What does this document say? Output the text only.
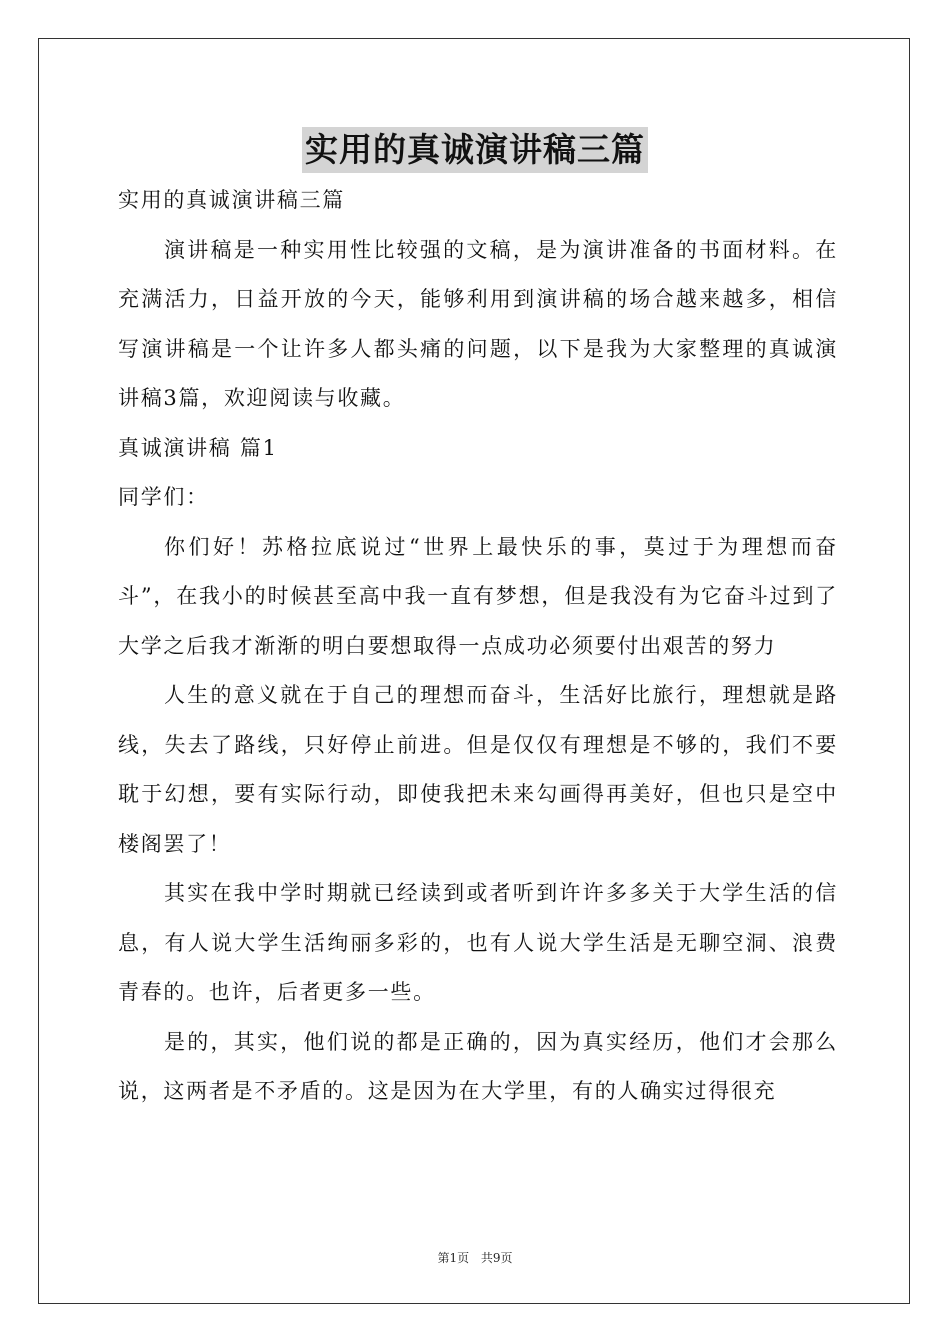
实用的真诚演讲稿三篇

实用的真诚演讲稿三篇

演讲稿是一种实用性比较强的文稿，是为演讲准备的书面材料。在充满活力，日益开放的今天，能够利用到演讲稿的场合越来越多，相信写演讲稿是一个让许多人都头痛的问题，以下是我为大家整理的真诚演讲稿3篇，欢迎阅读与收藏。

真诚演讲稿 篇1

同学们：

你们好！苏格拉底说过“世界上最快乐的事，莫过于为理想而奋斗”，在我小的时候甚至高中我一直有梦想，但是我没有为它奋斗过到了大学之后我才渐渐的明白要想取得一点成功必须要付出艰苦的努力

人生的意义就在于自己的理想而奋斗，生活好比旅行，理想就是路线，失去了路线，只好停止前进。但是仅仅有理想是不够的，我们不要耽于幻想，要有实际行动，即使我把未来勾画得再美好，但也只是空中楼阁罢了！

其实在我中学时期就已经读到或者听到许许多多关于大学生活的信息，有人说大学生活绚丽多彩的，也有人说大学生活是无聊空洞、浪费青春的。也许，后者更多一些。

是的，其实，他们说的都是正确的，因为真实经历，他们才会那么说，这两者是不矛盾的。这是因为在大学里，有的人确实过得很充

第1页 共9页
